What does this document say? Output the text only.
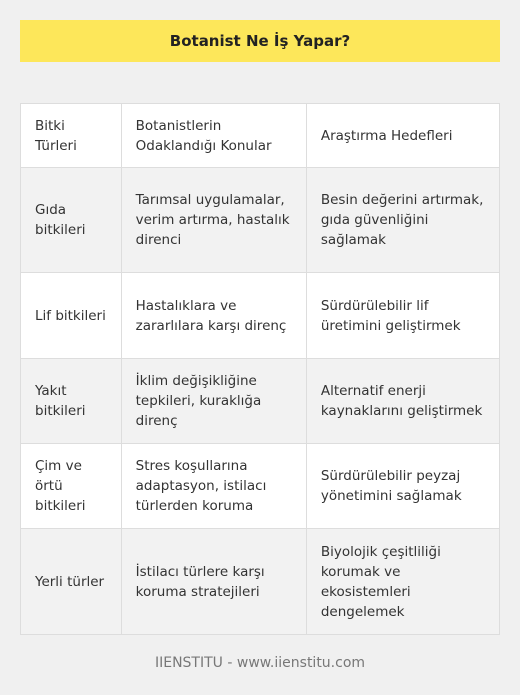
Botanist Ne İş Yapar?
Bitki Türleri
Botanistlerin Odaklandığı Konular
Araştırma Hedefleri
Gıda bitkileri
Tarımsal uygulamalar, verim artırma, hastalık direnci
Besin değerini artırmak, gıda güvenliğini sağlamak
Lif bitkileri
Hastalıklara ve zararlılara karşı direnç
Sürdürülebilir lif üretimini geliştirmek
Yakıt bitkileri
İklim değişikliğine tepkileri, kuraklığa direnç
Alternatif enerji kaynaklarını geliştirmek
Çim ve örtü bitkileri
Stres koşullarına adaptasyon, istilacı türlerden koruma
Sürdürülebilir peyzaj yönetimini sağlamak
Yerli türler
İstilacı türlere karşı koruma stratejileri
Biyolojik çeşitliliği korumak ve ekosistemleri dengelemek
IIENSTITU - www.iienstitu.com
